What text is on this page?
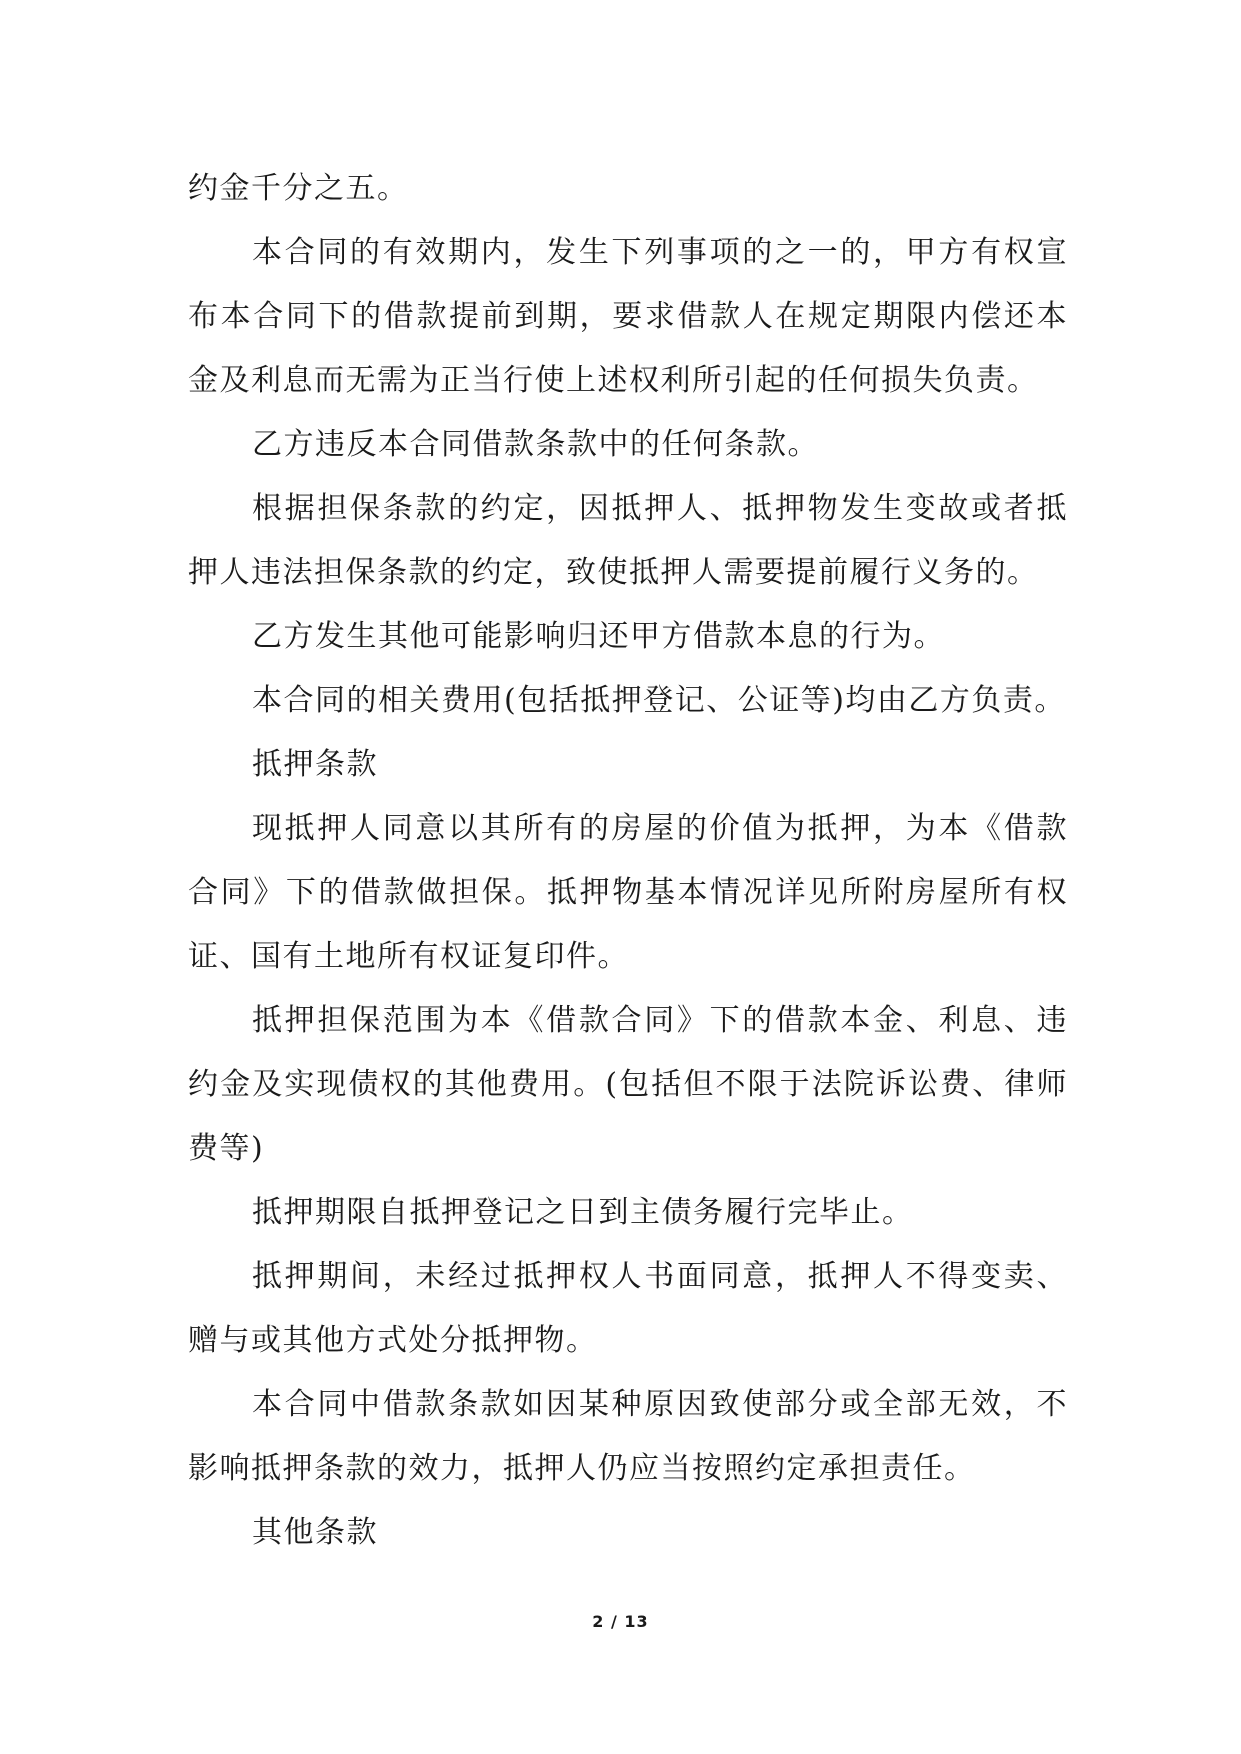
约金千分之五。

本合同的有效期内，发生下列事项的之一的，甲方有权宣布本合同下的借款提前到期，要求借款人在规定期限内偿还本金及利息而无需为正当行使上述权利所引起的任何损失负责。

乙方违反本合同借款条款中的任何条款。

根据担保条款的约定，因抵押人、抵押物发生变故或者抵押人违法担保条款的约定，致使抵押人需要提前履行义务的。

乙方发生其他可能影响归还甲方借款本息的行为。

本合同的相关费用(包括抵押登记、公证等)均由乙方负责。

抵押条款

现抵押人同意以其所有的房屋的价值为抵押，为本《借款合同》下的借款做担保。抵押物基本情况详见所附房屋所有权证、国有土地所有权证复印件。

抵押担保范围为本《借款合同》下的借款本金、利息、违约金及实现债权的其他费用。(包括但不限于法院诉讼费、律师费等)

抵押期限自抵押登记之日到主债务履行完毕止。

抵押期间，未经过抵押权人书面同意，抵押人不得变卖、赠与或其他方式处分抵押物。

本合同中借款条款如因某种原因致使部分或全部无效，不影响抵押条款的效力，抵押人仍应当按照约定承担责任。

其他条款

2 / 13
